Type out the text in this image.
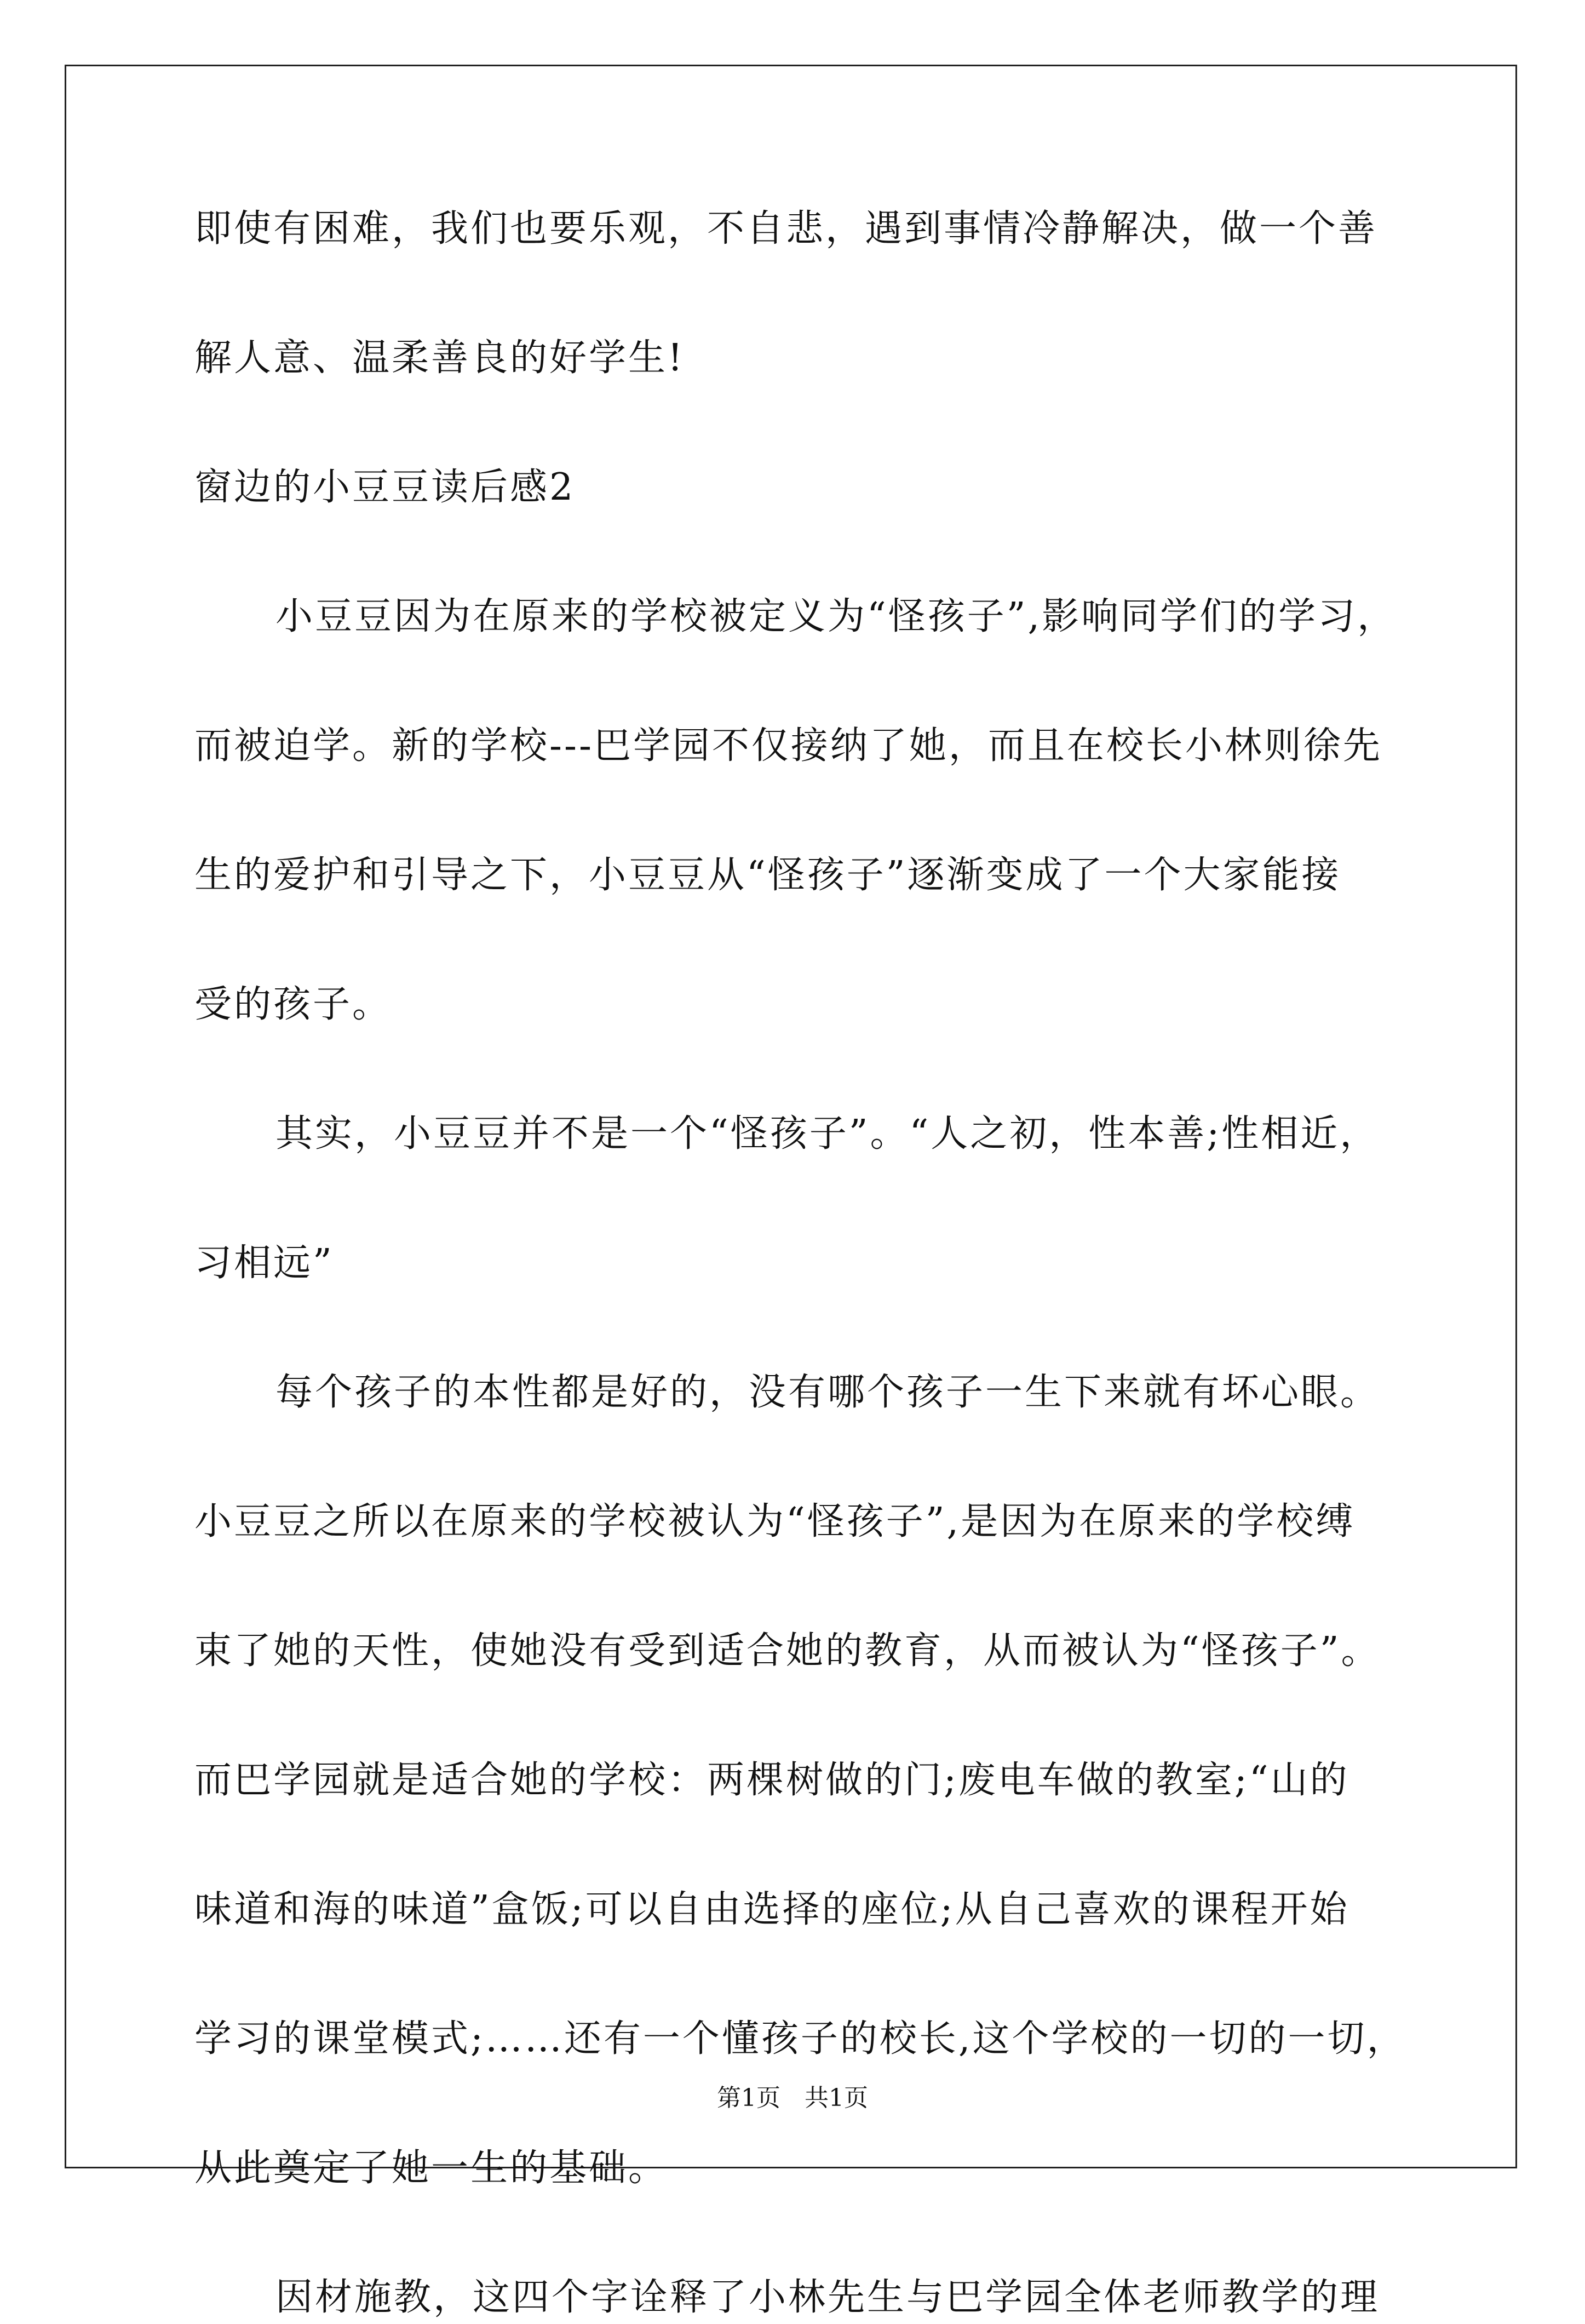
即使有困难，我们也要乐观，不自悲，遇到事情冷静解决，做一个善
解人意、温柔善良的好学生!
窗边的小豆豆读后感2
小豆豆因为在原来的学校被定义为“怪孩子”,影响同学们的学习，
而被迫学。新的学校---巴学园不仅接纳了她，而且在校长小林则徐先
生的爱护和引导之下，小豆豆从“怪孩子”逐渐变成了一个大家能接
受的孩子。
其实，小豆豆并不是一个“怪孩子”。“人之初，性本善;性相近，
习相远”
每个孩子的本性都是好的，没有哪个孩子一生下来就有坏心眼。
小豆豆之所以在原来的学校被认为“怪孩子”,是因为在原来的学校缚
束了她的天性，使她没有受到适合她的教育，从而被认为“怪孩子”。
而巴学园就是适合她的学校：两棵树做的门;废电车做的教室;“山的
味道和海的味道”盒饭;可以自由选择的座位;从自己喜欢的课程开始
学习的课堂模式;……还有一个懂孩子的校长,这个学校的一切的一切，
从此奠定了她一生的基础。
因材施教，这四个字诠释了小林先生与巴学园全体老师教学的理
第1页 共1页
